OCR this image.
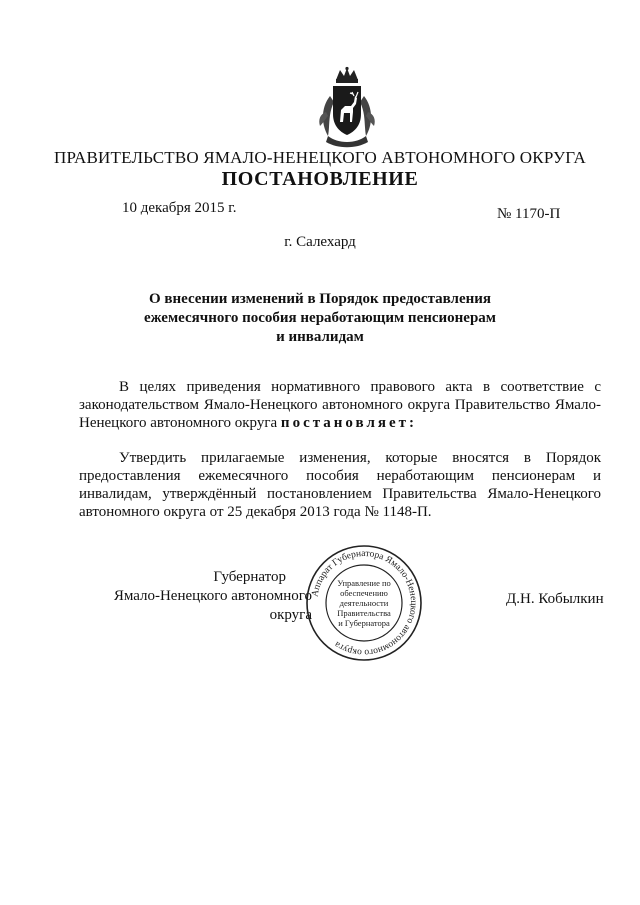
ПРАВИТЕЛЬСТВО ЯМАЛО-НЕНЕЦКОГО АВТОНОМНОГО ОКРУГА
ПОСТАНОВЛЕНИЕ
10 декабря 2015 г.	№ 1170-П
г. Салехард
О внесении изменений в Порядок предоставления
ежемесячного пособия неработающим пенсионерам
и инвалидам
В целях приведения нормативного правового акта в соответствие с законодательством Ямало-Ненецкого автономного округа Правительство Ямало-Ненецкого автономного округа постановляет:
Утвердить прилагаемые изменения, которые вносятся в Порядок предоставления ежемесячного пособия неработающим пенсионерам и инвалидам, утверждённый постановлением Правительства Ямало-Ненецкого автономного округа от 25 декабря 2013 года № 1148-П.
Губернатор
Ямало-Ненецкого автономного округа
Аппарат Губернатора Ямало-Ненецкого автономного округа
Управление по
обеспечению
деятельности
Правительства
и Губернатора
Д.Н. Кобылкин
